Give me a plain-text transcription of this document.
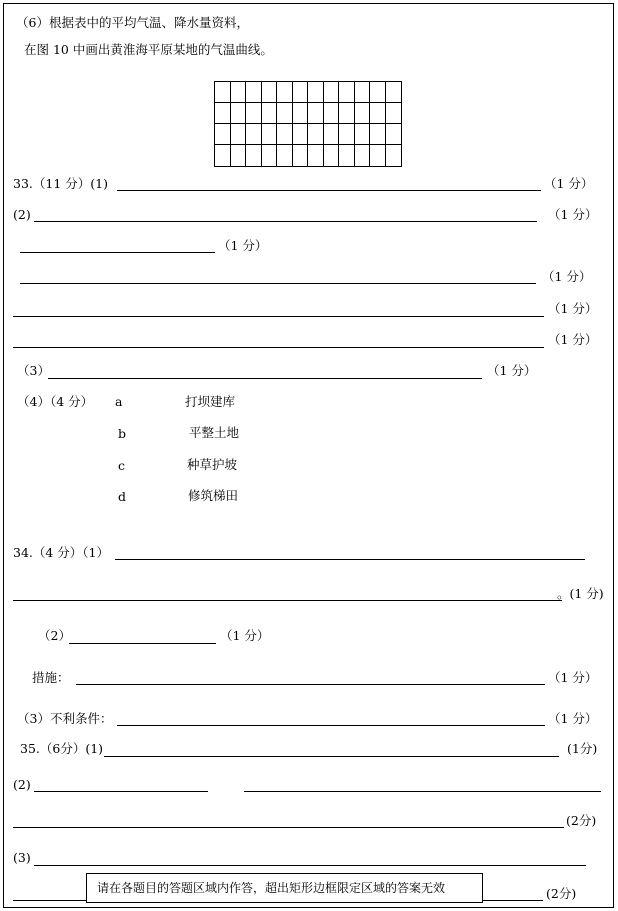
（6）根据表中的平均气温、降水量资料，
在图 10 中画出黄淮海平原某地的气温曲线。
33.（11 分）(1)	（1 分）
(2)	（1 分）
（1 分）
（1 分）
（1 分）
（1 分）
（3）	（1 分）
（4）（4 分） a	打坝建库
b	平整土地
c	种草护坡
d	修筑梯田
34.（4 分）（1）
。(1 分)
（2）	（1 分）
措施：	（1 分）
（3）不利条件：	（1 分）
35.（6分）(1)	(1分)
(2)
(2分)
(3)
(2分)
请在各题目的答题区域内作答，超出矩形边框限定区域的答案无效
